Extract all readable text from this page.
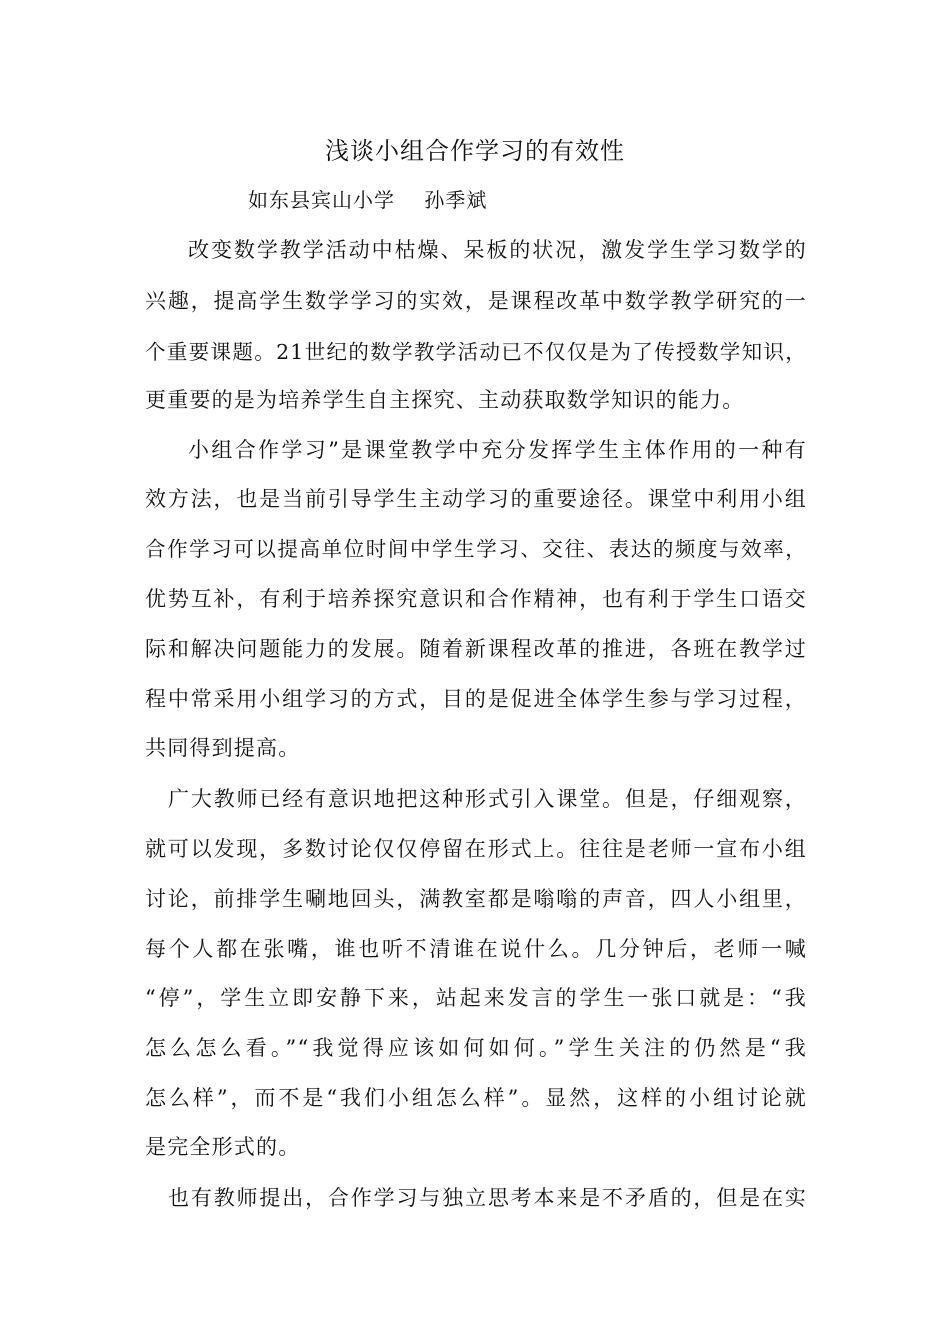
浅谈小组合作学习的有效性
如东县宾山小学    孙季斌
改变数学教学活动中枯燥、呆板的状况，激发学生学习数学的
兴趣，提高学生数学学习的实效，是课程改革中数学教学研究的一
个重要课题。21世纪的数学教学活动已不仅仅是为了传授数学知识，
更重要的是为培养学生自主探究、主动获取数学知识的能力。
小组合作学习”是课堂教学中充分发挥学生主体作用的一种有
效方法，也是当前引导学生主动学习的重要途径。课堂中利用小组
合作学习可以提高单位时间中学生学习、交往、表达的频度与效率，
优势互补，有利于培养探究意识和合作精神，也有利于学生口语交
际和解决问题能力的发展。随着新课程改革的推进，各班在教学过
程中常采用小组学习的方式，目的是促进全体学生参与学习过程，
共同得到提高。
广大教师已经有意识地把这种形式引入课堂。但是，仔细观察，
就可以发现，多数讨论仅仅停留在形式上。往往是老师一宣布小组
讨论，前排学生唰地回头，满教室都是嗡嗡的声音，四人小组里，
每个人都在张嘴，谁也听不清谁在说什么。几分钟后，老师一喊
“停”，学生立即安静下来，站起来发言的学生一张口就是：“我
怎么怎么看。”“我觉得应该如何如何。”学生关注的仍然是“我
怎么样”，而不是“我们小组怎么样”。显然，这样的小组讨论就
是完全形式的。
也有教师提出，合作学习与独立思考本来是不矛盾的，但是在实
